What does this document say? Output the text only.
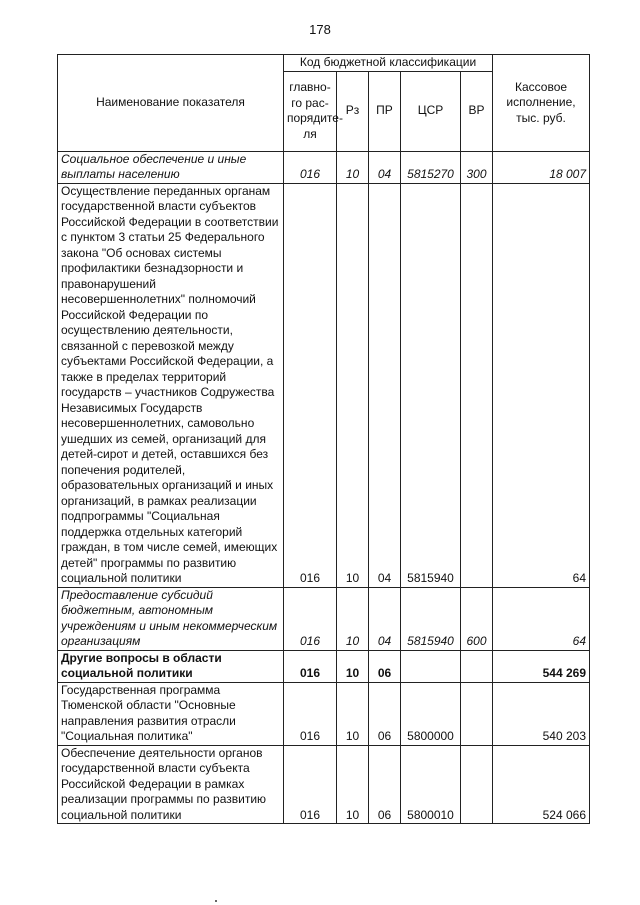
178
Наименование показателя	Код бюджетной классификации					Кассовое исполнение, тыс. руб.
	главно-го рас-порядите-ля	Рз	ПР	ЦСР	ВР	
Социальное обеспечение и иные выплаты населению	016	10	04	5815270	300	18 007
Осуществление переданных органам государственной власти субъектов Российской Федерации в соответствии с пунктом 3 статьи 25 Федерального закона "Об основах системы профилактики безнадзорности и правонарушений несовершеннолетних" полномочий Российской Федерации по осуществлению деятельности, связанной с перевозкой между субъектами Российской Федерации, а также в пределах территорий государств – участников Содружества Независимых Государств несовершеннолетних, самовольно ушедших из семей, организаций для детей-сирот и детей, оставшихся без попечения родителей, образовательных организаций и иных организаций, в рамках реализации подпрограммы "Социальная поддержка отдельных категорий граждан, в том числе семей, имеющих детей" программы по развитию социальной политики	016	10	04	5815940		64
Предоставление субсидий бюджетным, автономным учреждениям и иным некоммерческим организациям	016	10	04	5815940	600	64
Другие вопросы в области социальной политики	016	10	06			544 269
Государственная программа Тюменской области "Основные направления развития отрасли "Социальная политика"	016	10	06	5800000		540 203
Обеспечение деятельности органов государственной власти субъекта Российской Федерации в рамках реализации программы по развитию социальной политики	016	10	06	5800010		524 066
